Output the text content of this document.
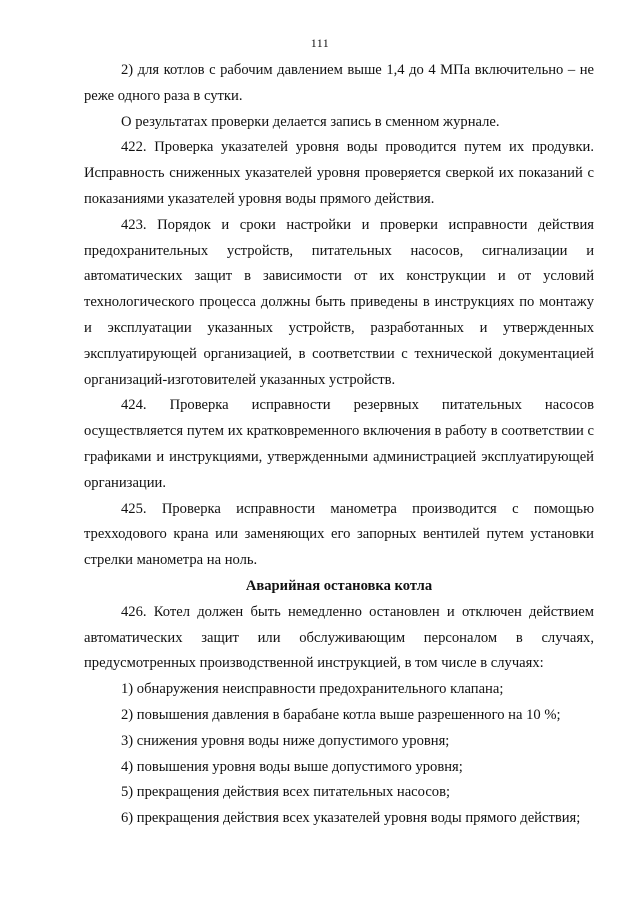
111

2) для котлов с рабочим давлением выше 1,4 до 4 МПа включительно – не реже одного раза в сутки.

О результатах проверки делается запись в сменном журнале.

422. Проверка указателей уровня воды проводится путем их продувки. Исправность сниженных указателей уровня проверяется сверкой их показаний с показаниями указателей уровня воды прямого действия.

423. Порядок и сроки настройки и проверки исправности действия предохранительных устройств, питательных насосов, сигнализации и автоматических защит в зависимости от их конструкции и от условий технологического процесса должны быть приведены в инструкциях по монтажу и эксплуатации указанных устройств, разработанных и утвержденных эксплуатирующей организацией, в соответствии с технической документацией организаций-изготовителей указанных устройств.

424. Проверка исправности резервных питательных насосов осуществляется путем их кратковременного включения в работу в соответствии с графиками и инструкциями, утвержденными администрацией эксплуатирующей организации.

425. Проверка исправности манометра производится с помощью трехходового крана или заменяющих его запорных вентилей путем установки стрелки манометра на ноль.

Аварийная остановка котла

426. Котел должен быть немедленно остановлен и отключен действием автоматических защит или обслуживающим персоналом в случаях, предусмотренных производственной инструкцией, в том числе в случаях:

1) обнаружения неисправности предохранительного клапана;

2) повышения давления в барабане котла выше разрешенного на 10 %;

3) снижения уровня воды ниже допустимого уровня;

4) повышения уровня воды выше допустимого уровня;

5) прекращения действия всех питательных насосов;

6) прекращения действия всех указателей уровня воды прямого действия;
